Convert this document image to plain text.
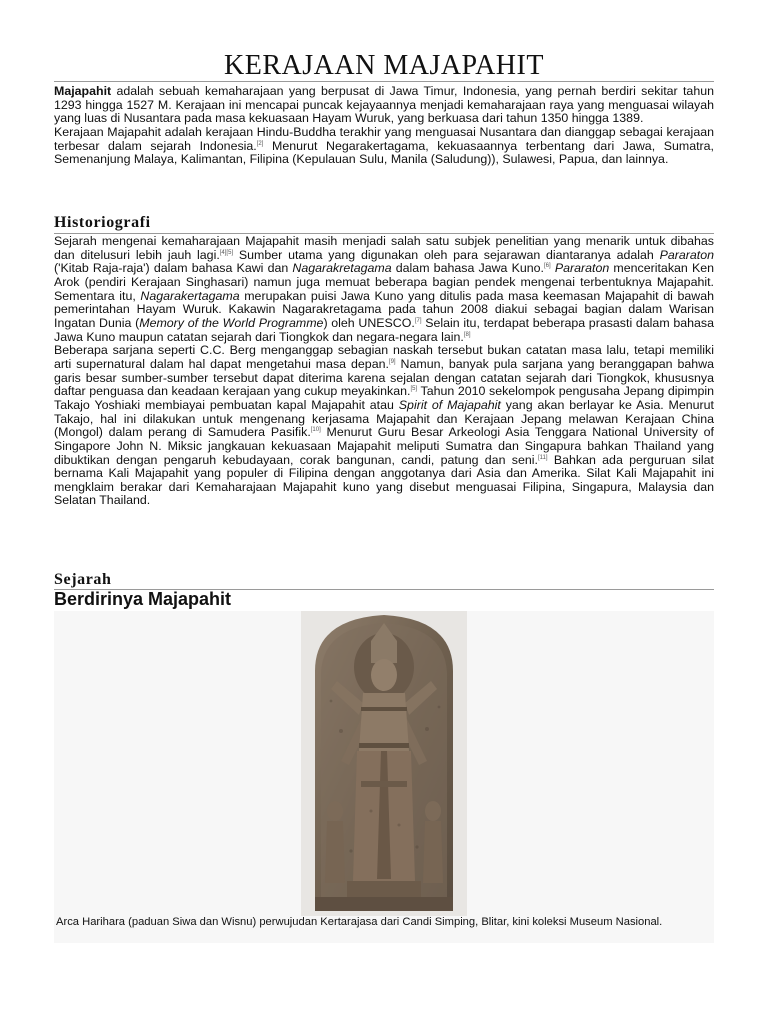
KERAJAAN MAJAPAHIT

Majapahit adalah sebuah kemaharajaan yang berpusat di Jawa Timur, Indonesia, yang pernah berdiri sekitar tahun 1293 hingga 1527 M. Kerajaan ini mencapai puncak kejayaannya menjadi kemaharajaan raya yang menguasai wilayah yang luas di Nusantara pada masa kekuasaan Hayam Wuruk, yang berkuasa dari tahun 1350 hingga 1389.

Kerajaan Majapahit adalah kerajaan Hindu-Buddha terakhir yang menguasai Nusantara dan dianggap sebagai kerajaan terbesar dalam sejarah Indonesia.[2] Menurut Negarakertagama, kekuasaannya terbentang dari Jawa, Sumatra, Semenanjung Malaya, Kalimantan, Filipina (Kepulauan Sulu, Manila (Saludung)), Sulawesi, Papua, dan lainnya.

Historiografi

Sejarah mengenai kemaharajaan Majapahit masih menjadi salah satu subjek penelitian yang menarik untuk dibahas dan ditelusuri lebih jauh lagi.[4][5] Sumber utama yang digunakan oleh para sejarawan diantaranya adalah Pararaton ('Kitab Raja-raja') dalam bahasa Kawi dan Nagarakretagama dalam bahasa Jawa Kuno.[6] Pararaton menceritakan Ken Arok (pendiri Kerajaan Singhasari) namun juga memuat beberapa bagian pendek mengenai terbentuknya Majapahit. Sementara itu, Nagarakertagama merupakan puisi Jawa Kuno yang ditulis pada masa keemasan Majapahit di bawah pemerintahan Hayam Wuruk. Kakawin Nagarakretagama pada tahun 2008 diakui sebagai bagian dalam Warisan Ingatan Dunia (Memory of the World Programme) oleh UNESCO.[7] Selain itu, terdapat beberapa prasasti dalam bahasa Jawa Kuno maupun catatan sejarah dari Tiongkok dan negara-negara lain.[8]

Beberapa sarjana seperti C.C. Berg menganggap sebagian naskah tersebut bukan catatan masa lalu, tetapi memiliki arti supernatural dalam hal dapat mengetahui masa depan.[9] Namun, banyak pula sarjana yang beranggapan bahwa garis besar sumber-sumber tersebut dapat diterima karena sejalan dengan catatan sejarah dari Tiongkok, khususnya daftar penguasa dan keadaan kerajaan yang cukup meyakinkan.[5] Tahun 2010 sekelompok pengusaha Jepang dipimpin Takajo Yoshiaki membiayai pembuatan kapal Majapahit atau Spirit of Majapahit yang akan berlayar ke Asia. Menurut Takajo, hal ini dilakukan untuk mengenang kerjasama Majapahit dan Kerajaan Jepang melawan Kerajaan China (Mongol) dalam perang di Samudera Pasifik.[10] Menurut Guru Besar Arkeologi Asia Tenggara National University of Singapore John N. Miksic jangkauan kekuasaan Majapahit meliputi Sumatra dan Singapura bahkan Thailand yang dibuktikan dengan pengaruh kebudayaan, corak bangunan, candi, patung dan seni.[11] Bahkan ada perguruan silat bernama Kali Majapahit yang populer di Filipina dengan anggotanya dari Asia dan Amerika. Silat Kali Majapahit ini mengklaim berakar dari Kemaharajaan Majapahit kuno yang disebut menguasai Filipina, Singapura, Malaysia dan Selatan Thailand.

Sejarah
Berdirinya Majapahit
Arca Harihara (paduan Siwa dan Wisnu) perwujudan Kertarajasa dari Candi Simping, Blitar, kini koleksi Museum Nasional.
